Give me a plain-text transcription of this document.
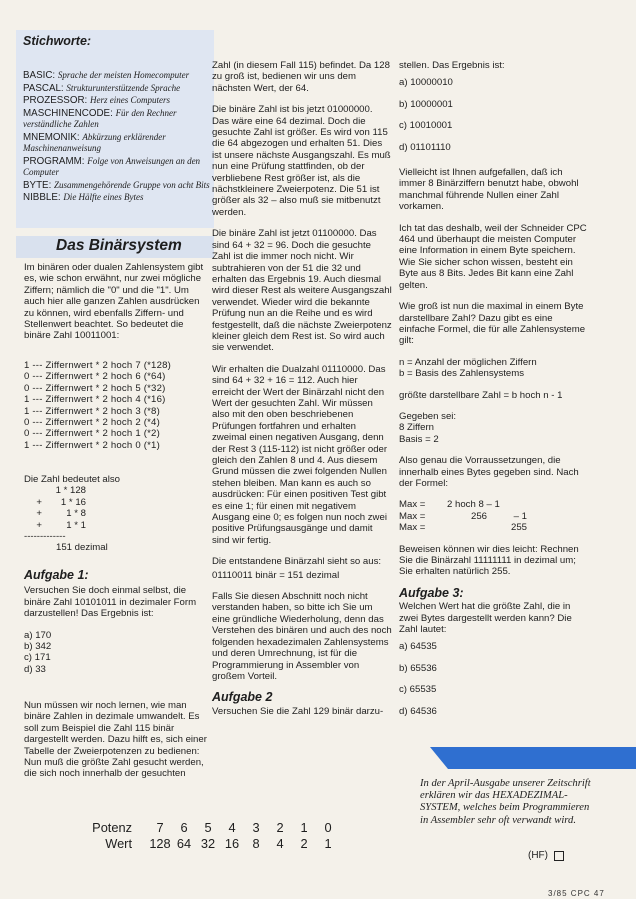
Stichworte:
BASIC: Sprache der meisten Homecomputer
PASCAL: Strukturunterstützende Sprache
PROZESSOR: Herz eines Computers
MASCHINENCODE: Für den Rechner verständliche Zahlen
MNEMONIK: Abkürzung erklärender Maschinenanweisung
PROGRAMM: Folge von Anweisungen an den Computer
BYTE: Zusammengehörende Gruppe von acht Bits
NIBBLE: Die Hälfte eines Bytes
Das Binärsystem

Im binären oder dualen Zahlensystem gibt es, wie schon erwähnt, nur zwei mögliche Ziffern; nämlich die "0" und die "1". Um auch hier alle ganzen Zahlen ausdrücken zu können, wird ebenfalls Ziffern- und Stellenwert beachtet. So bedeutet die binäre Zahl 10011001:

1 --- Ziffernwert * 2 hoch 7 (*128)
0 --- Ziffernwert * 2 hoch 6 (*64)
0 --- Ziffernwert * 2 hoch 5 (*32)
1 --- Ziffernwert * 2 hoch 4 (*16)
1 --- Ziffernwert * 2 hoch 3 (*8)
0 --- Ziffernwert * 2 hoch 2 (*4)
0 --- Ziffernwert * 2 hoch 1 (*2)
1 --- Ziffernwert * 2 hoch 0 (*1)
Die Zahl bedeutet also
1 * 128
+	1 * 16
+	1 * 8
+	1 * 1
-------------
151 dezimal
Aufgabe 1:

Versuchen Sie doch einmal selbst, die binäre Zahl 10101011 in dezimaler Form darzustellen! Das Ergebnis ist:

a) 170

b) 342

c) 171

d) 33

Nun müssen wir noch lernen, wie man binäre Zahlen in dezimale umwandelt. Es soll zum Beispiel die Zahl 115 binär dargestellt werden. Dazu hilft es, sich einer Tabelle der Zweierpotenzen zu bedienen:

Nun muß die größte Zahl gesucht werden, die sich noch innerhalb der gesuchten

Zahl (in diesem Fall 115) befindet. Da 128 zu groß ist, bedienen wir uns dem nächsten Wert, der 64.

Die binäre Zahl ist bis jetzt 01000000. Das wäre eine 64 dezimal. Doch die gesuchte Zahl ist größer. Es wird von 115 die 64 abgezogen und erhalten 51. Dies ist unsere nächste Ausgangszahl. Es muß nun eine Prüfung stattfinden, ob der verbliebene Rest größer ist, als die nächstkleinere Zweierpotenz. Die 51 ist größer als 32 – also muß sie mitbenutzt werden.

Die binäre Zahl ist jetzt 01100000. Das sind 64 + 32 = 96. Doch die gesuchte Zahl ist die immer noch nicht. Wir subtrahieren von der 51 die 32 und erhalten das Ergebnis 19. Auch diesmal wird dieser Rest als weitere Ausgangszahl verwendet. Wieder wird die bekannte Prüfung nun an die Reihe und es wird festgestellt, daß die nächste Zweierpotenz kleiner gleich dem Rest ist. So wird auch sie verwendet.

Wir erhalten die Dualzahl 01110000. Das sind 64 + 32 + 16 = 112. Auch hier erreicht der Wert der Binärzahl nicht den Wert der gesuchten Zahl. Wir müssen also mit den oben beschriebenen Prüfungen fortfahren und erhalten zweimal einen negativen Ausgang, denn der Rest 3 (115-112) ist nicht größer oder gleich den Zahlen 8 und 4. Aus diesem Grund müssen die zwei folgenden Nullen stehen bleiben. Man kann es auch so ausdrücken: Für einen positiven Test gibt es eine 1; für einen mit negativem Ausgang eine 0; es folgen nun noch zwei positive Prüfungsausgänge und damit sind wir fertig.

Die entstandene Binärzahl sieht so aus:

01110011 binär = 151 dezimal

Falls Sie diesen Abschnitt noch nicht verstanden haben, so bitte ich Sie um eine gründliche Wiederholung, denn das Verstehen des binären und auch des noch folgenden hexadezimalen Zahlensystems und deren Umrechnung, ist für die Programmierung in Assembler von großem Vorteil.

Aufgabe 2

Versuchen Sie die Zahl 129 binär darzu-

stellen. Das Ergebnis ist:

a) 10000010

b) 10000001

c) 10010001

d) 01101110

Vielleicht ist Ihnen aufgefallen, daß ich immer 8 Binärziffern benutzt habe, obwohl manchmal führende Nullen einer Zahl vorkamen.

Ich tat das deshalb, weil der Schneider CPC 464 und überhaupt die meisten Computer eine Information in einem Byte speichern. Wie Sie sicher schon wissen, besteht ein Byte aus 8 Bits. Jedes Bit kann eine Zahl gelten.

Wie groß ist nun die maximal in einem Byte darstellbare Zahl? Dazu gibt es eine einfache Formel, die für alle Zahlensysteme gilt:

n = Anzahl der möglichen Ziffern

b = Basis des Zahlensystems

größte darstellbare Zahl = b hoch n - 1

Gegeben sei:

8 Ziffern

Basis = 2

Also genau die Vorraussetzungen, die innerhalb eines Bytes gegeben sind. Nach der Formel:

Max =	2 hoch 8 – 1
Max =	256	– 1
Max =	255

Beweisen können wir dies leicht: Rechnen Sie die Binärzahl 11111111 in dezimal um; Sie erhalten natürlich 255.

Aufgabe 3:

Welchen Wert hat die größte Zahl, die in zwei Bytes dargestellt werden kann? Die Zahl lautet:

a) 64535

b) 65536

c) 65535

d) 64536

In der April-Ausgabe unserer Zeitschrift erklären wir das HEXADEZIMAL-SYSTEM, welches beim Programmieren in Assembler sehr oft verwandt wird.
(HF)
Potenz	7	6	5	4	3	2	1	0
Wert	128 64 32 16	8	4	2	1
3/85 CPC 47
